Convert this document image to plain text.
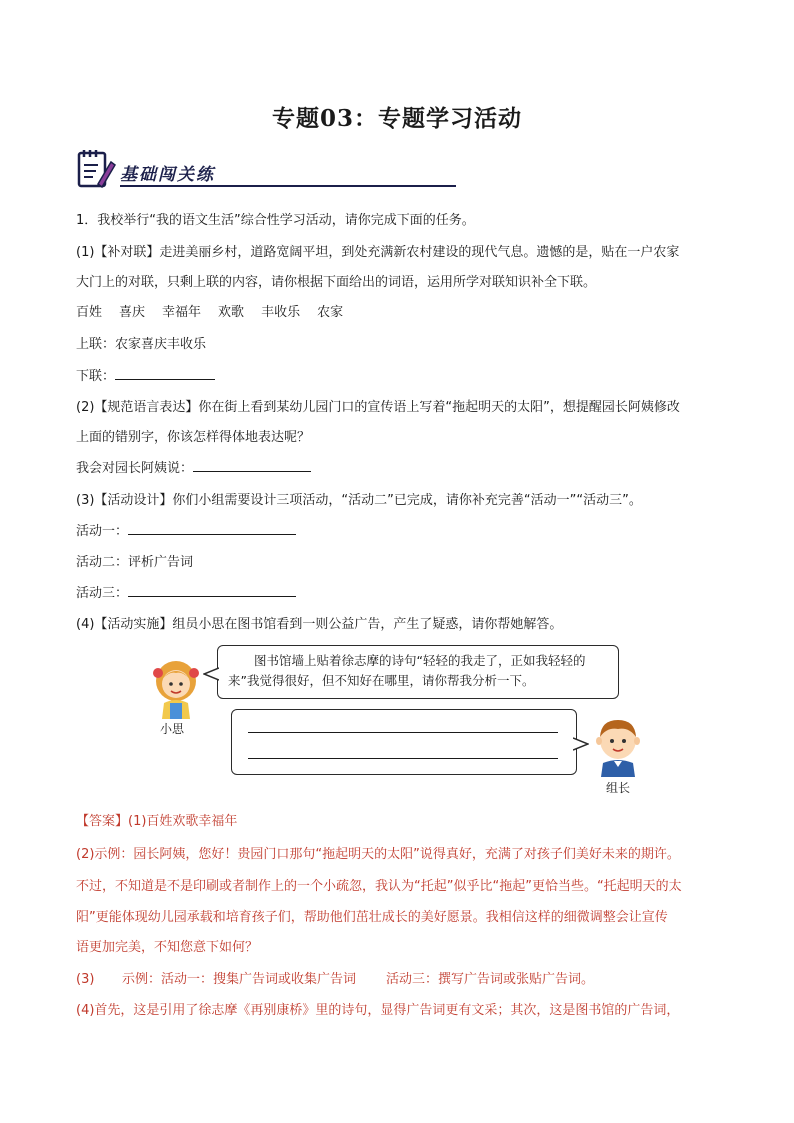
专题03：专题学习活动
基础闯关练
1．我校举行“我的语文生活”综合性学习活动，请你完成下面的任务。
(1)【补对联】走进美丽乡村，道路宽阔平坦，到处充满新农村建设的现代气息。遗憾的是，贴在一户农家
大门上的对联，只剩上联的内容，请你根据下面给出的词语，运用所学对联知识补全下联。
百姓 喜庆 幸福年 欢歌 丰收乐 农家
上联：农家喜庆丰收乐
下联：
(2)【规范语言表达】你在街上看到某幼儿园门口的宣传语上写着“拖起明天的太阳”，想提醒园长阿姨修改
上面的错别字，你该怎样得体地表达呢？
我会对园长阿姨说：
(3)【活动设计】你们小组需要设计三项活动，“活动二”已完成，请你补充完善“活动一”“活动三”。
活动一：
活动二：评析广告词
活动三：
(4)【活动实施】组员小思在图书馆看到一则公益广告，产生了疑惑，请你帮她解答。
小思
图书馆墙上贴着徐志摩的诗句“轻轻的我走了，正如我轻轻的来”我觉得很好，但不知好在哪里，请你帮我分析一下。
组长
【答案】(1)百姓欢歌幸福年
(2)示例：园长阿姨，您好！贵园门口那句“拖起明天的太阳”说得真好，充满了对孩子们美好未来的期许。
不过，不知道是不是印刷或者制作上的一个小疏忽，我认为“托起”似乎比“拖起”更恰当些。“托起明天的太
阳”更能体现幼儿园承载和培育孩子们，帮助他们茁壮成长的美好愿景。我相信这样的细微调整会让宣传
语更加完美，不知您意下如何？
(3) 示例：活动一：搜集广告词或收集广告词 活动三：撰写广告词或张贴广告词。
(4)首先，这是引用了徐志摩《再别康桥》里的诗句，显得广告词更有文采；其次，这是图书馆的广告词，
